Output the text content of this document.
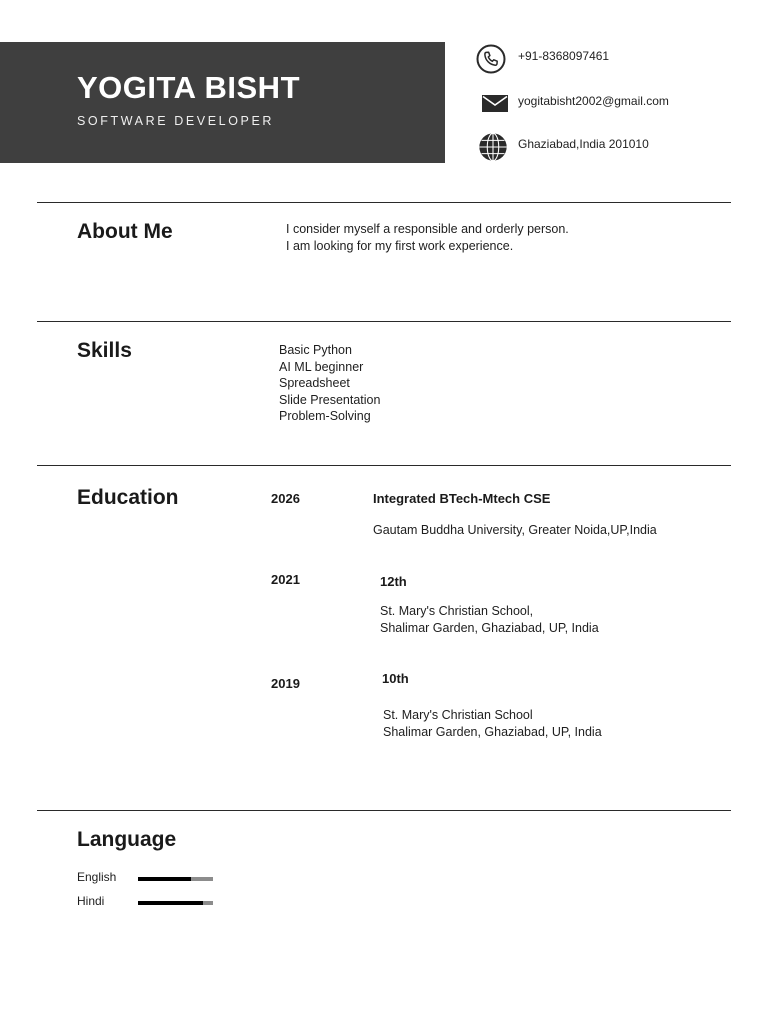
YOGITA BISHT
SOFTWARE DEVELOPER
+91-8368097461
yogitabisht2002@gmail.com
Ghaziabad,India 201010
About Me	I consider myself a responsible and orderly person.
I am looking for my first work experience.
Skills	Basic Python
AI ML beginner
Spreadsheet
Slide Presentation
Problem-Solving
Education	2026	Integrated BTech-Mtech CSE
Gautam Buddha University, Greater Noida,UP,India
2021	12th
St. Mary's Christian School,
Shalimar Garden, Ghaziabad, UP, India
2019	10th
St. Mary's Christian School
Shalimar Garden, Ghaziabad, UP, India
Language
English
Hindi
